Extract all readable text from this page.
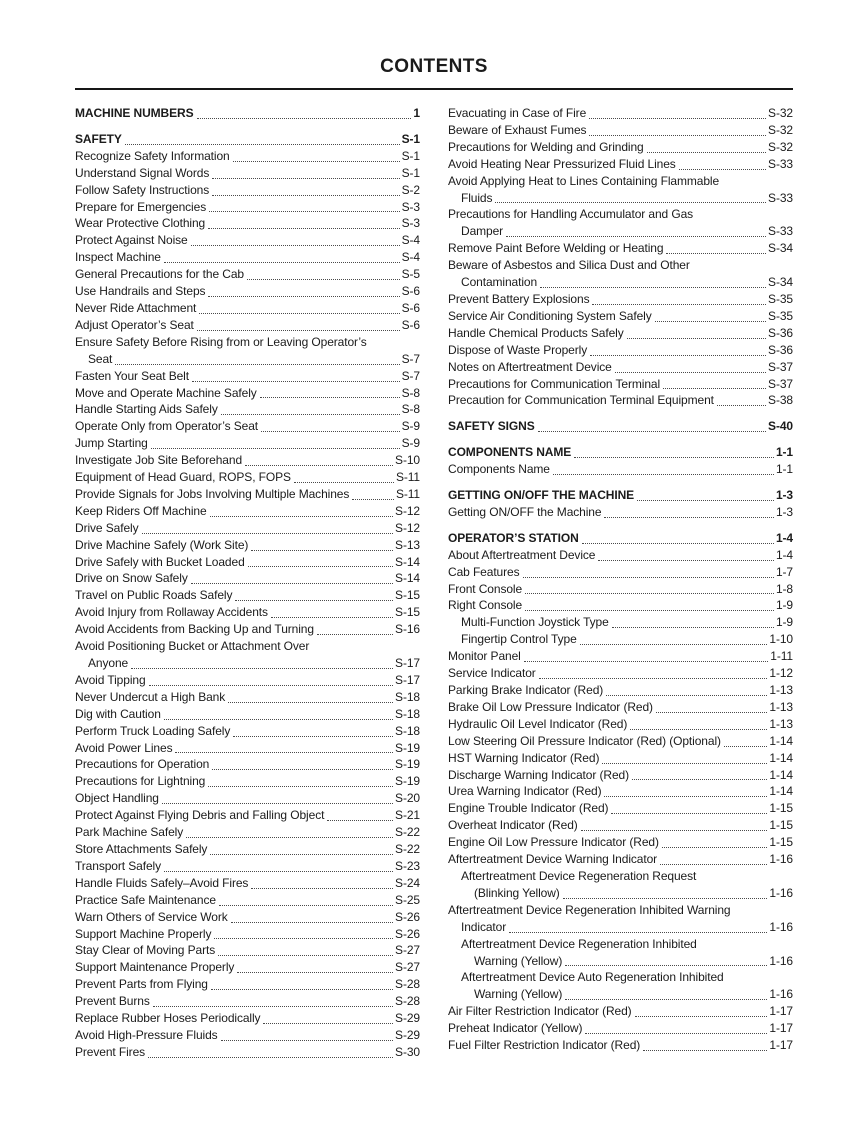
CONTENTS
MACHINE NUMBERS	1
SAFETY	S-1
Recognize Safety Information	S-1
Understand Signal Words	S-1
Follow Safety Instructions	S-2
Prepare for Emergencies	S-3
Wear Protective Clothing	S-3
Protect Against Noise	S-4
Inspect Machine	S-4
General Precautions for the Cab	S-5
Use Handrails and Steps	S-6
Never Ride Attachment	S-6
Adjust Operator’s Seat	S-6
Ensure Safety Before Rising from or Leaving Operator’s
Seat	S-7
Fasten Your Seat Belt	S-7
Move and Operate Machine Safely	S-8
Handle Starting Aids Safely	S-8
Operate Only from Operator’s Seat	S-9
Jump Starting	S-9
Investigate Job Site Beforehand	S-10
Equipment of Head Guard, ROPS, FOPS	S-11
Provide Signals for Jobs Involving Multiple Machines	S-11
Keep Riders Off Machine	S-12
Drive Safely	S-12
Drive Machine Safely (Work Site)	S-13
Drive Safely with Bucket Loaded	S-14
Drive on Snow Safely	S-14
Travel on Public Roads Safely	S-15
Avoid Injury from Rollaway Accidents	S-15
Avoid Accidents from Backing Up and Turning	S-16
Avoid Positioning Bucket or Attachment Over
Anyone	S-17
Avoid Tipping	S-17
Never Undercut a High Bank	S-18
Dig with Caution	S-18
Perform Truck Loading Safely	S-18
Avoid Power Lines	S-19
Precautions for Operation	S-19
Precautions for Lightning	S-19
Object Handling	S-20
Protect Against Flying Debris and Falling Object	S-21
Park Machine Safely	S-22
Store Attachments Safely	S-22
Transport Safely	S-23
Handle Fluids Safely–Avoid Fires	S-24
Practice Safe Maintenance	S-25
Warn Others of Service Work	S-26
Support Machine Properly	S-26
Stay Clear of Moving Parts	S-27
Support Maintenance Properly	S-27
Prevent Parts from Flying	S-28
Prevent Burns	S-28
Replace Rubber Hoses Periodically	S-29
Avoid High-Pressure Fluids	S-29
Prevent Fires	S-30
Evacuating in Case of Fire	S-32
Beware of Exhaust Fumes	S-32
Precautions for Welding and Grinding	S-32
Avoid Heating Near Pressurized Fluid Lines	S-33
Avoid Applying Heat to Lines Containing Flammable
Fluids	S-33
Precautions for Handling Accumulator and Gas
Damper	S-33
Remove Paint Before Welding or Heating	S-34
Beware of Asbestos and Silica Dust and Other
Contamination	S-34
Prevent Battery Explosions	S-35
Service Air Conditioning System Safely	S-35
Handle Chemical Products Safely	S-36
Dispose of Waste Properly	S-36
Notes on Aftertreatment Device	S-37
Precautions for Communication Terminal	S-37
Precaution for Communication Terminal Equipment	S-38
SAFETY SIGNS	S-40
COMPONENTS NAME	1-1
Components Name	1-1
GETTING ON/OFF THE MACHINE	1-3
Getting ON/OFF the Machine	1-3
OPERATOR’S STATION	1-4
About Aftertreatment Device	1-4
Cab Features	1-7
Front Console	1-8
Right Console	1-9
Multi-Function Joystick Type	1-9
Fingertip Control Type	1-10
Monitor Panel	1-11
Service Indicator	1-12
Parking Brake Indicator (Red)	1-13
Brake Oil Low Pressure Indicator (Red)	1-13
Hydraulic Oil Level Indicator (Red)	1-13
Low Steering Oil Pressure Indicator (Red) (Optional)	1-14
HST Warning Indicator (Red)	1-14
Discharge Warning Indicator (Red)	1-14
Urea Warning Indicator (Red)	1-14
Engine Trouble Indicator (Red)	1-15
Overheat Indicator (Red)	1-15
Engine Oil Low Pressure Indicator (Red)	1-15
Aftertreatment Device Warning Indicator	1-16
Aftertreatment Device Regeneration Request
(Blinking Yellow)	1-16
Aftertreatment Device Regeneration Inhibited Warning
Indicator	1-16
Aftertreatment Device Regeneration Inhibited
Warning (Yellow)	1-16
Aftertreatment Device Auto Regeneration Inhibited
Warning (Yellow)	1-16
Air Filter Restriction Indicator (Red)	1-17
Preheat Indicator (Yellow)	1-17
Fuel Filter Restriction Indicator (Red)	1-17
